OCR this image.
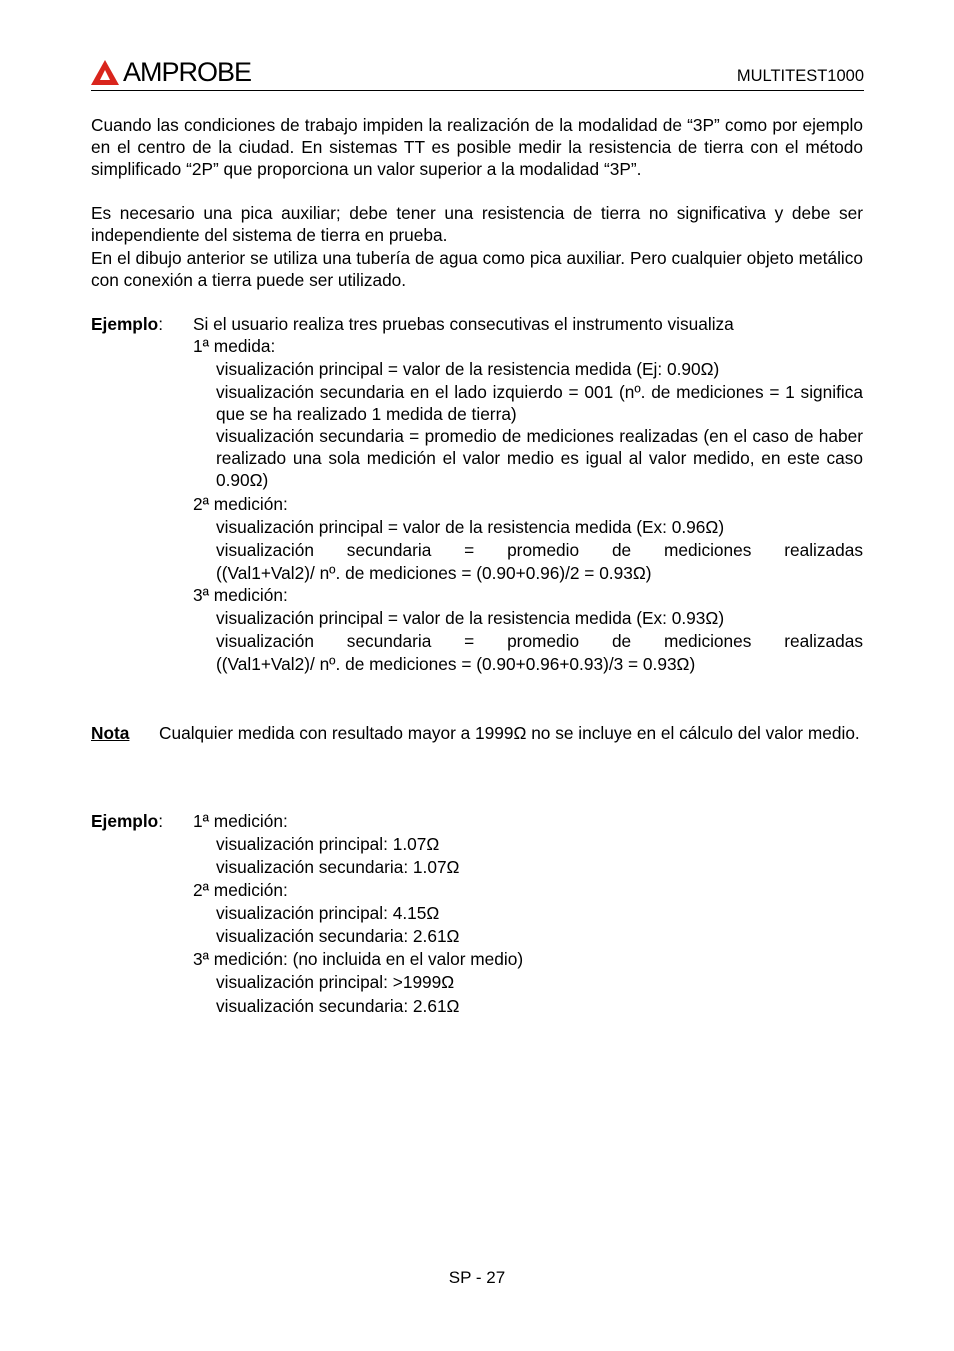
AMPROBE	MULTITEST1000
Cuando las condiciones de trabajo impiden la realización de la modalidad de “3P” como por ejemplo en el centro de la ciudad. En sistemas TT es posible medir la resistencia de tierra con el método simplificado “2P” que proporciona un valor superior a la modalidad “3P”.
Es necesario una pica auxiliar; debe tener una resistencia de tierra no significativa y debe ser independiente del sistema de tierra en prueba.
En el dibujo anterior se utiliza una tubería de agua como pica auxiliar. Pero cualquier objeto metálico con conexión a tierra puede ser utilizado.
Ejemplo: Si el usuario realiza tres pruebas consecutivas el instrumento visualiza
1ª medida:
visualización principal = valor de la resistencia medida (Ej: 0.90Ω)
visualización secundaria en el lado izquierdo = 001 (nº. de mediciones = 1 significa que se ha realizado 1 medida de tierra)
visualización secundaria = promedio de mediciones realizadas (en el caso de haber realizado una sola medición el valor medio es igual al valor medido, en este caso 0.90Ω)
2ª medición:
visualización principal = valor de la resistencia medida (Ex: 0.96Ω)
visualización secundaria = promedio de mediciones realizadas
((Val1+Val2)/ nº. de mediciones = (0.90+0.96)/2 = 0.93Ω)
3ª medición:
visualización principal = valor de la resistencia medida (Ex: 0.93Ω)
visualización secundaria = promedio de mediciones realizadas
((Val1+Val2)/ nº. de mediciones = (0.90+0.96+0.93)/3 = 0.93Ω)
Nota Cualquier medida con resultado mayor a 1999Ω no se incluye en el cálculo del valor medio.
Ejemplo: 1ª medición:
visualización principal: 1.07Ω
visualización secundaria: 1.07Ω
2ª medición:
visualización principal: 4.15Ω
visualización secundaria: 2.61Ω
3ª medición: (no incluida en el valor medio)
visualización principal: >1999Ω
visualización secundaria: 2.61Ω
SP - 27
